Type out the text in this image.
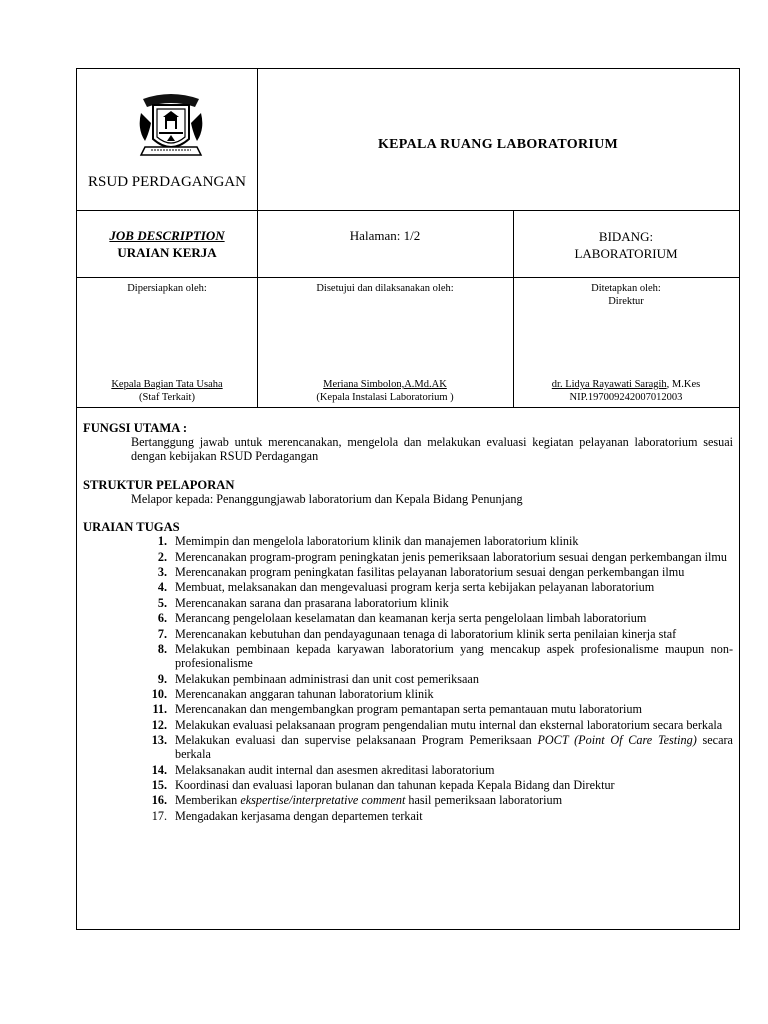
RSUD PERDAGANGAN
KEPALA RUANG LABORATORIUM
JOB DESCRIPTION
URAIAN KERJA
Halaman: 1/2	BIDANG:
LABORATORIUM
Dipersiapkan oleh:
Kepala Bagian Tata Usaha
(Staf Terkait)
Disetujui dan dilaksanakan oleh:
Meriana Simbolon,A.Md.AK
(Kepala Instalasi Laboratorium )
Ditetapkan oleh:
Direktur
dr. Lidya Rayawati Saragih, M.Kes
NIP.197009242007012003

FUNGSI UTAMA :

Bertanggung jawab untuk merencanakan, mengelola dan melakukan evaluasi kegiatan pelayanan laboratorium sesuai dengan kebijakan RSUD Perdagangan

STRUKTUR PELAPORAN

Melapor kepada: Penanggungjawab laboratorium dan Kepala Bidang Penunjang

URAIAN TUGAS

1. Memimpin dan mengelola laboratorium klinik dan manajemen laboratorium klinik
2. Merencanakan program-program peningkatan jenis pemeriksaan laboratorium sesuai dengan perkembangan ilmu
3. Merencanakan program peningkatan fasilitas pelayanan laboratorium sesuai dengan perkembangan ilmu
4. Membuat, melaksanakan dan mengevaluasi program kerja serta kebijakan pelayanan laboratorium
5. Merencanakan sarana dan prasarana laboratorium klinik
6. Merancang pengelolaan keselamatan dan keamanan kerja serta pengelolaan limbah laboratorium
7. Merencanakan kebutuhan dan pendayagunaan tenaga di laboratorium klinik serta penilaian kinerja staf
8. Melakukan pembinaan kepada karyawan laboratorium yang mencakup aspek profesionalisme maupun non-profesionalisme
9. Melakukan pembinaan administrasi dan unit cost pemeriksaan
10. Merencanakan anggaran tahunan laboratorium klinik
11. Merencanakan dan mengembangkan program pemantapan serta pemantauan mutu laboratorium
12. Melakukan evaluasi pelaksanaan program pengendalian mutu internal dan eksternal laboratorium secara berkala
13. Melakukan evaluasi dan supervise pelaksanaan Program Pemeriksaan POCT (Point Of Care Testing) secara berkala
14. Melaksanakan audit internal dan asesmen akreditasi laboratorium
15. Koordinasi dan evaluasi laporan bulanan dan tahunan kepada Kepala Bidang dan Direktur
16. Memberikan ekspertise/interpretative comment hasil pemeriksaan laboratorium
17. Mengadakan kerjasama dengan departemen terkait
